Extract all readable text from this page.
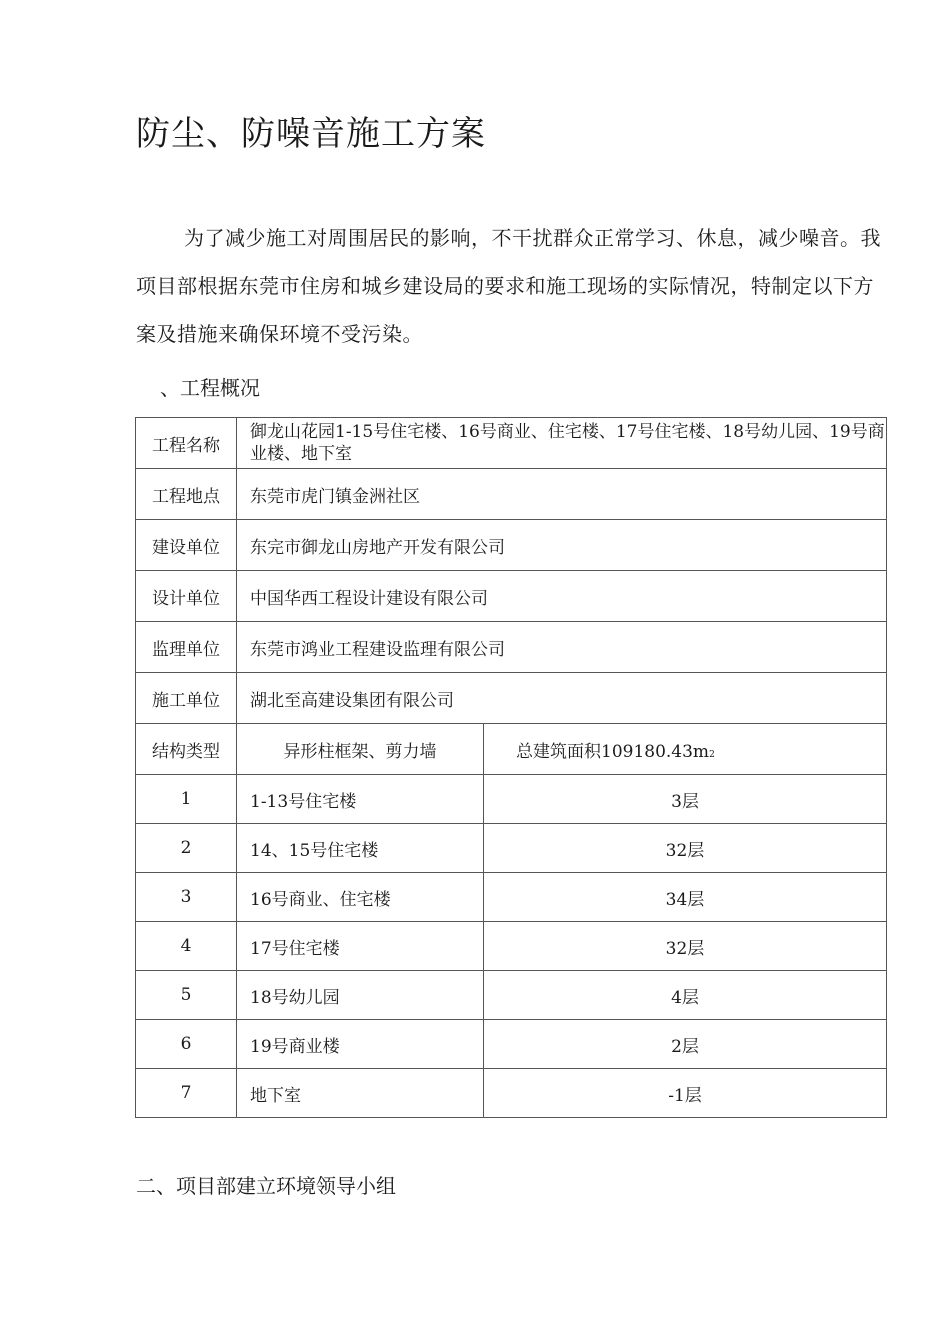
防尘、防噪音施工方案

为了减少施工对周围居民的影响，不干扰群众正常学习、休息，减少噪音。我项目部根据东莞市住房和城乡建设局的要求和施工现场的实际情况，特制定以下方案及措施来确保环境不受污染。

、工程概况
工程名称	御龙山花园1-15号住宅楼、16号商业、住宅楼、17号住宅楼、18号幼儿园、19号商业楼、地下室	
工程地点	东莞市虎门镇金洲社区	
建设单位	东完市御龙山房地产开发有限公司	
设计单位	中国华西工程设计建设有限公司	
监理单位	东莞市鸿业工程建设监理有限公司	
施工单位	湖北至高建设集团有限公司	
结构类型	异形柱框架、剪力墙	总建筑面积109180.43m2
1	1-13号住宅楼	3层
2	14、15号住宅楼	32层
3	16号商业、住宅楼	34层
4	17号住宅楼	32层
5	18号幼儿园	4层
6	19号商业楼	2层
7	地下室	-1层
二、项目部建立环境领导小组
